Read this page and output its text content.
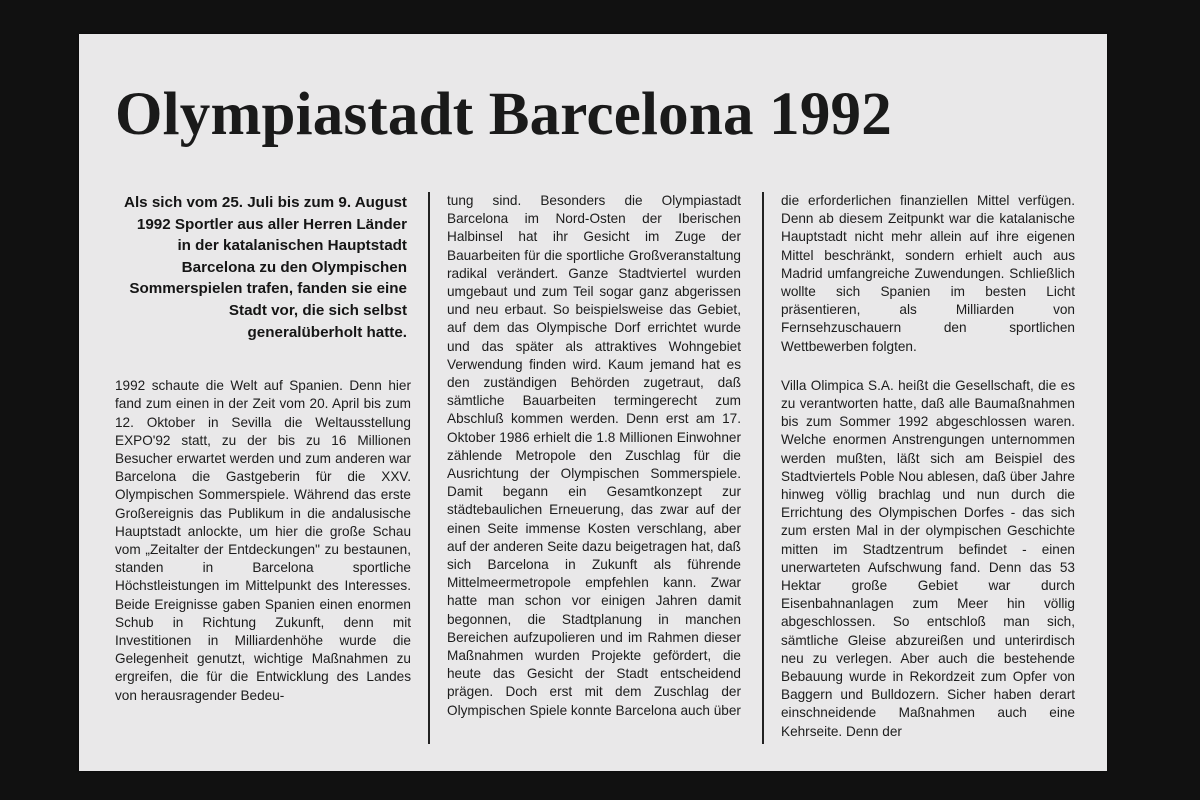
Olympiastadt Barcelona 1992

Als sich vom 25. Juli bis zum 9. August 1992 Sportler aus aller Herren Länder in der katalanischen Hauptstadt Barcelona zu den Olympischen Sommerspielen trafen, fanden sie eine Stadt vor, die sich selbst generalüberholt hatte.

1992 schaute die Welt auf Spanien. Denn hier fand zum einen in der Zeit vom 20. April bis zum 12. Oktober in Sevilla die Weltausstellung EXPO'92 statt, zu der bis zu 16 Millionen Besucher erwartet werden und zum anderen war Barcelona die Gastgeberin für die XXV. Olympischen Sommerspiele. Während das erste Großereignis das Publikum in die andalusische Hauptstadt anlockte, um hier die große Schau vom „Zeitalter der Entdeckungen" zu bestaunen, standen in Barcelona sportliche Höchstleistungen im Mittelpunkt des Interesses. Beide Ereignisse gaben Spanien einen enormen Schub in Richtung Zukunft, denn mit Investitionen in Milliardenhöhe wurde die Gelegenheit genutzt, wichtige Maßnahmen zu ergreifen, die für die Entwicklung des Landes von herausragender Bedeu-

tung sind. Besonders die Olympiastadt Barcelona im Nord-Osten der Iberischen Halbinsel hat ihr Gesicht im Zuge der Bauarbeiten für die sportliche Großveranstaltung radikal verändert. Ganze Stadtviertel wurden umgebaut und zum Teil sogar ganz abgerissen und neu erbaut. So beispielsweise das Gebiet, auf dem das Olympische Dorf errichtet wurde und das später als attraktives Wohngebiet Verwendung finden wird. Kaum jemand hat es den zuständigen Behörden zugetraut, daß sämtliche Bauarbeiten termingerecht zum Abschluß kommen werden. Denn erst am 17. Oktober 1986 erhielt die 1.8 Millionen Einwohner zählende Metropole den Zuschlag für die Ausrichtung der Olympischen Sommerspiele. Damit begann ein Gesamtkonzept zur städtebaulichen Erneuerung, das zwar auf der einen Seite immense Kosten verschlang, aber auf der anderen Seite dazu beigetragen hat, daß sich Barcelona in Zukunft als führende Mittelmeermetropole empfehlen kann. Zwar hatte man schon vor einigen Jahren damit begonnen, die Stadtplanung in manchen Bereichen aufzupolieren und im Rahmen dieser Maßnahmen wurden Projekte gefördert, die heute das Gesicht der Stadt entscheidend prägen. Doch erst mit dem Zuschlag der Olympischen Spiele konnte Barcelona auch über

die erforderlichen finanziellen Mittel verfügen. Denn ab diesem Zeitpunkt war die katalanische Hauptstadt nicht mehr allein auf ihre eigenen Mittel beschränkt, sondern erhielt auch aus Madrid umfangreiche Zuwendungen. Schließlich wollte sich Spanien im besten Licht präsentieren, als Milliarden von Fernsehzuschauern den sportlichen Wettbewerben folgten.

Villa Olimpica S.A. heißt die Gesellschaft, die es zu verantworten hatte, daß alle Baumaßnahmen bis zum Sommer 1992 abgeschlossen waren. Welche enormen Anstrengungen unternommen werden mußten, läßt sich am Beispiel des Stadtviertels Poble Nou ablesen, daß über Jahre hinweg völlig brachlag und nun durch die Errichtung des Olympischen Dorfes - das sich zum ersten Mal in der olympischen Geschichte mitten im Stadtzentrum befindet - einen unerwarteten Aufschwung fand. Denn das 53 Hektar große Gebiet war durch Eisenbahnanlagen zum Meer hin völlig abgeschlossen. So entschloß man sich, sämtliche Gleise abzureißen und unterirdisch neu zu verlegen. Aber auch die bestehende Bebauung wurde in Rekordzeit zum Opfer von Baggern und Bulldozern. Sicher haben derart einschneidende Maßnahmen auch eine Kehrseite. Denn der
